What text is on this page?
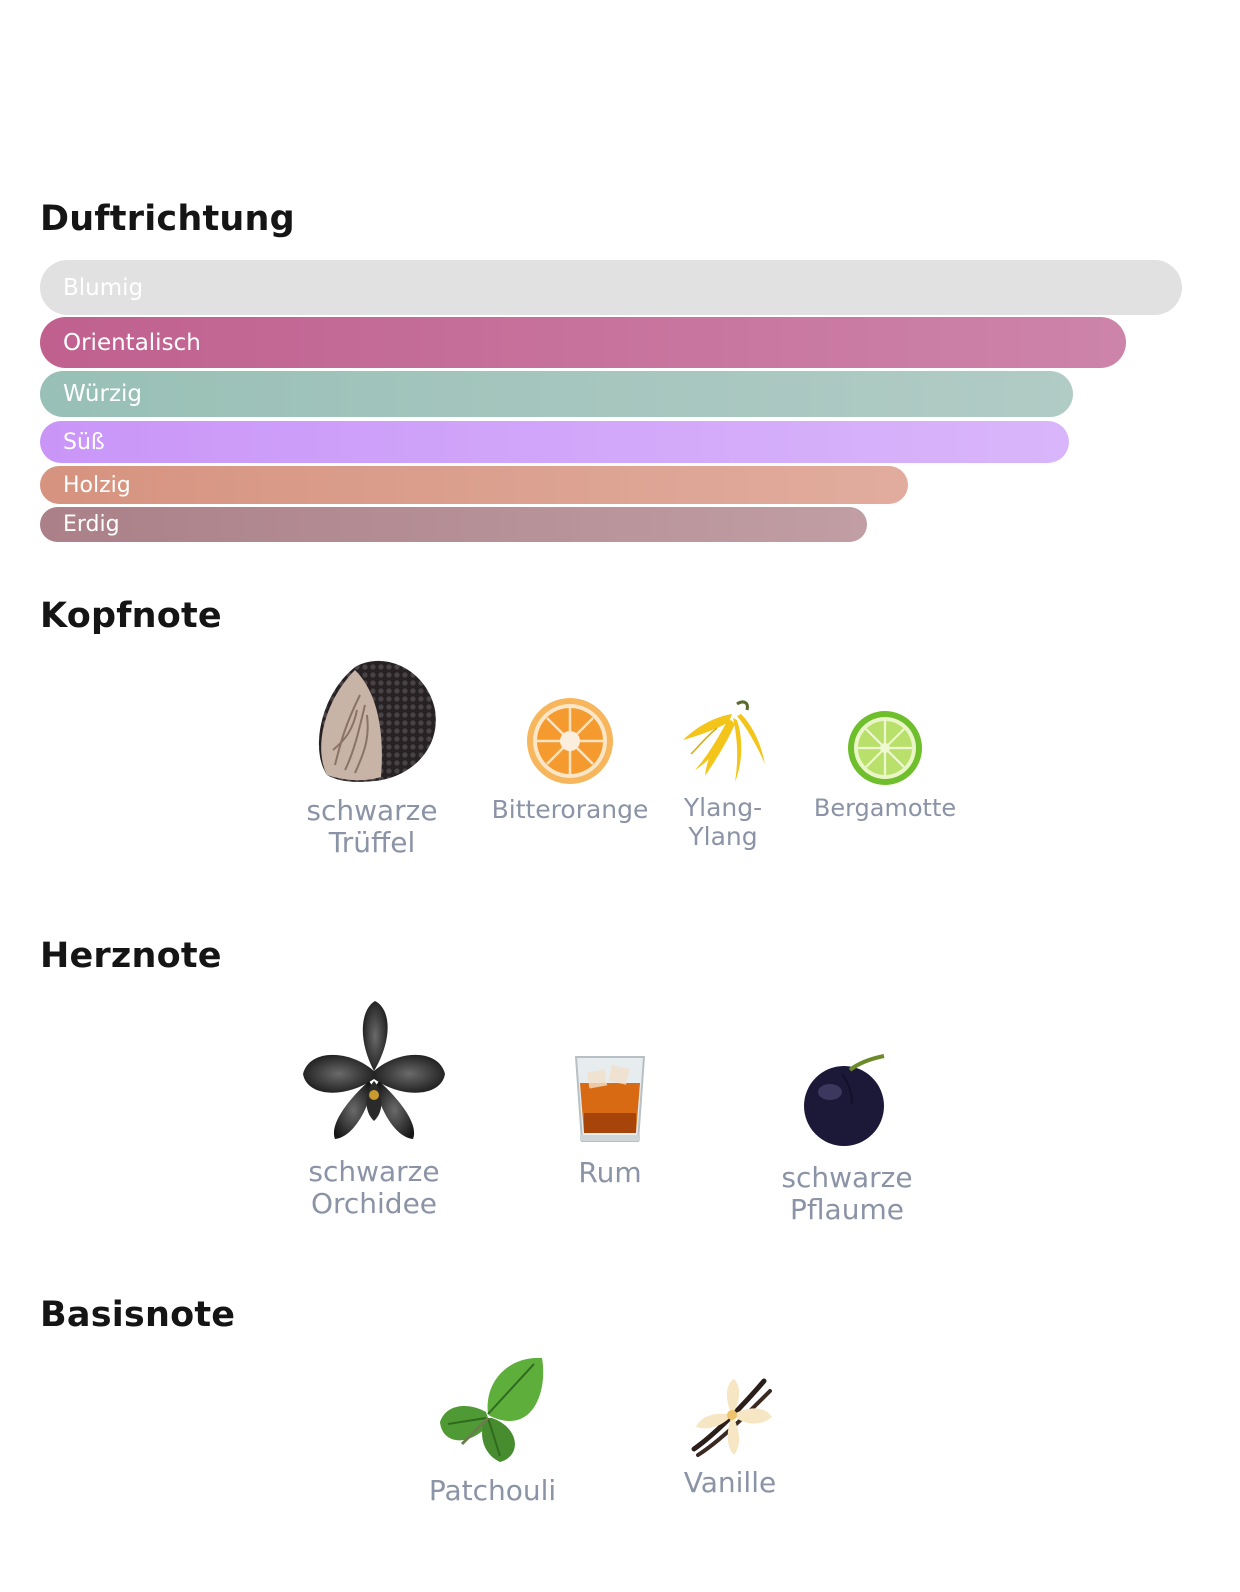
Duftrichtung
Blumig
Orientalisch
Würzig
Süß
Holzig
Erdig
Kopfnote
schwarze
Trüffel
Bitterorange	Ylang-
Ylang
Bergamotte
Herznote
schwarze
Orchidee
Rum	schwarze
Pflaume
Basisnote
Patchouli	Vanille
